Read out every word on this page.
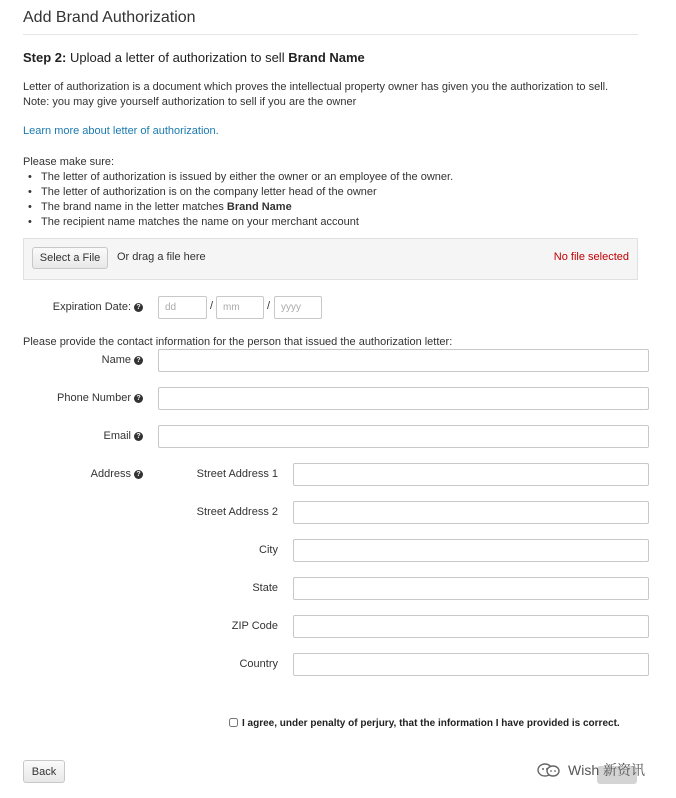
Add Brand Authorization
Step 2: Upload a letter of authorization to sell Brand Name
Letter of authorization is a document which proves the intellectual property owner has given you the authorization to sell.
Note: you may give yourself authorization to sell if you are the owner
Learn more about letter of authorization.
Please make sure:
• The letter of authorization is issued by either the owner or an employee of the owner.
• The letter of authorization is on the company letter head of the owner
• The brand name in the letter matches Brand Name
• The recipient name matches the name on your merchant account
Select a File	Or drag a file here	No file selected
Expiration Date: ?
dd	/
mm	/
yyyy
Please provide the contact information for the person that issued the authorization letter:
Name ?
Phone Number ?
Email ?
Address ?	Street Address 1
Street Address 2
City
State
ZIP Code
Country
I agree, under penalty of perjury, that the information I have provided is correct.
Back	Wish 新资讯
